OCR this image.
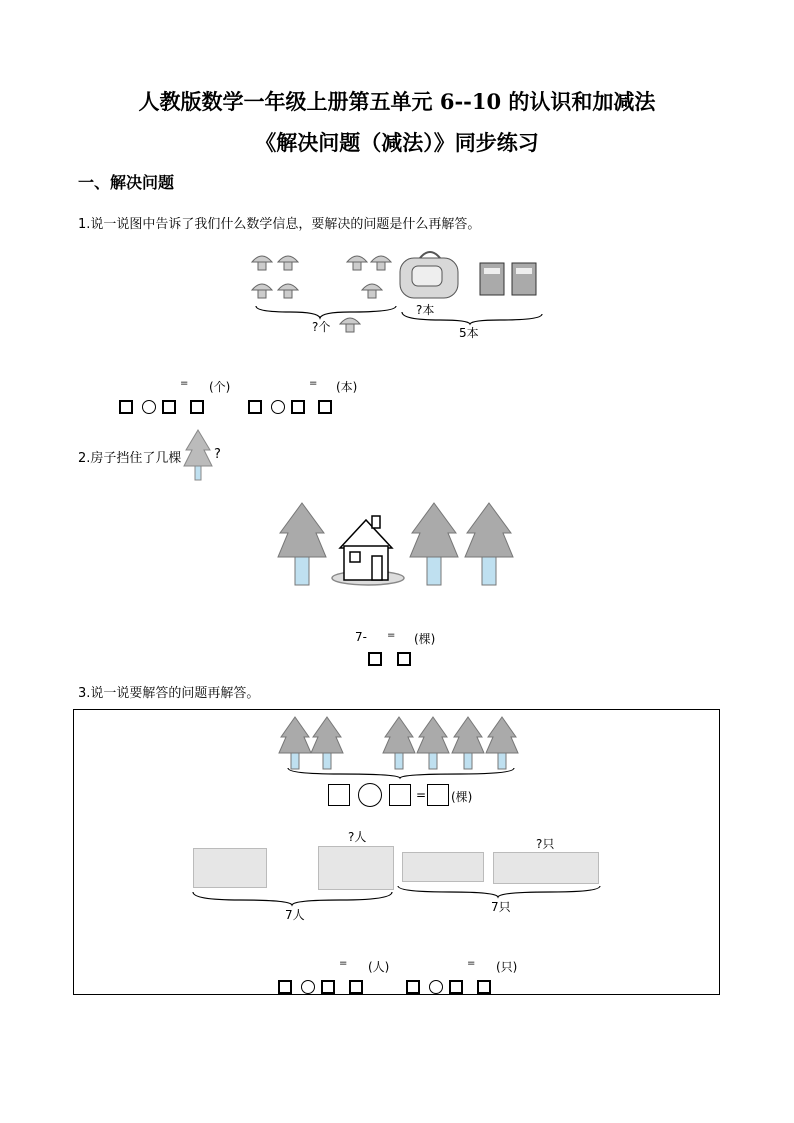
人教版数学一年级上册第五单元 6--10 的认识和加减法
《解决问题（减法）》同步练习
一、解决问题
1.说一说图中告诉了我们什么数学信息，要解决的问题是什么再解答。
?个
?本
5本
= (个)	= (本)
2.房子挡住了几棵	?
7- = (棵)
3.说一说要解答的问题再解答。
= (棵)
?人	?只
7人
7只
= (人)	= (只)
